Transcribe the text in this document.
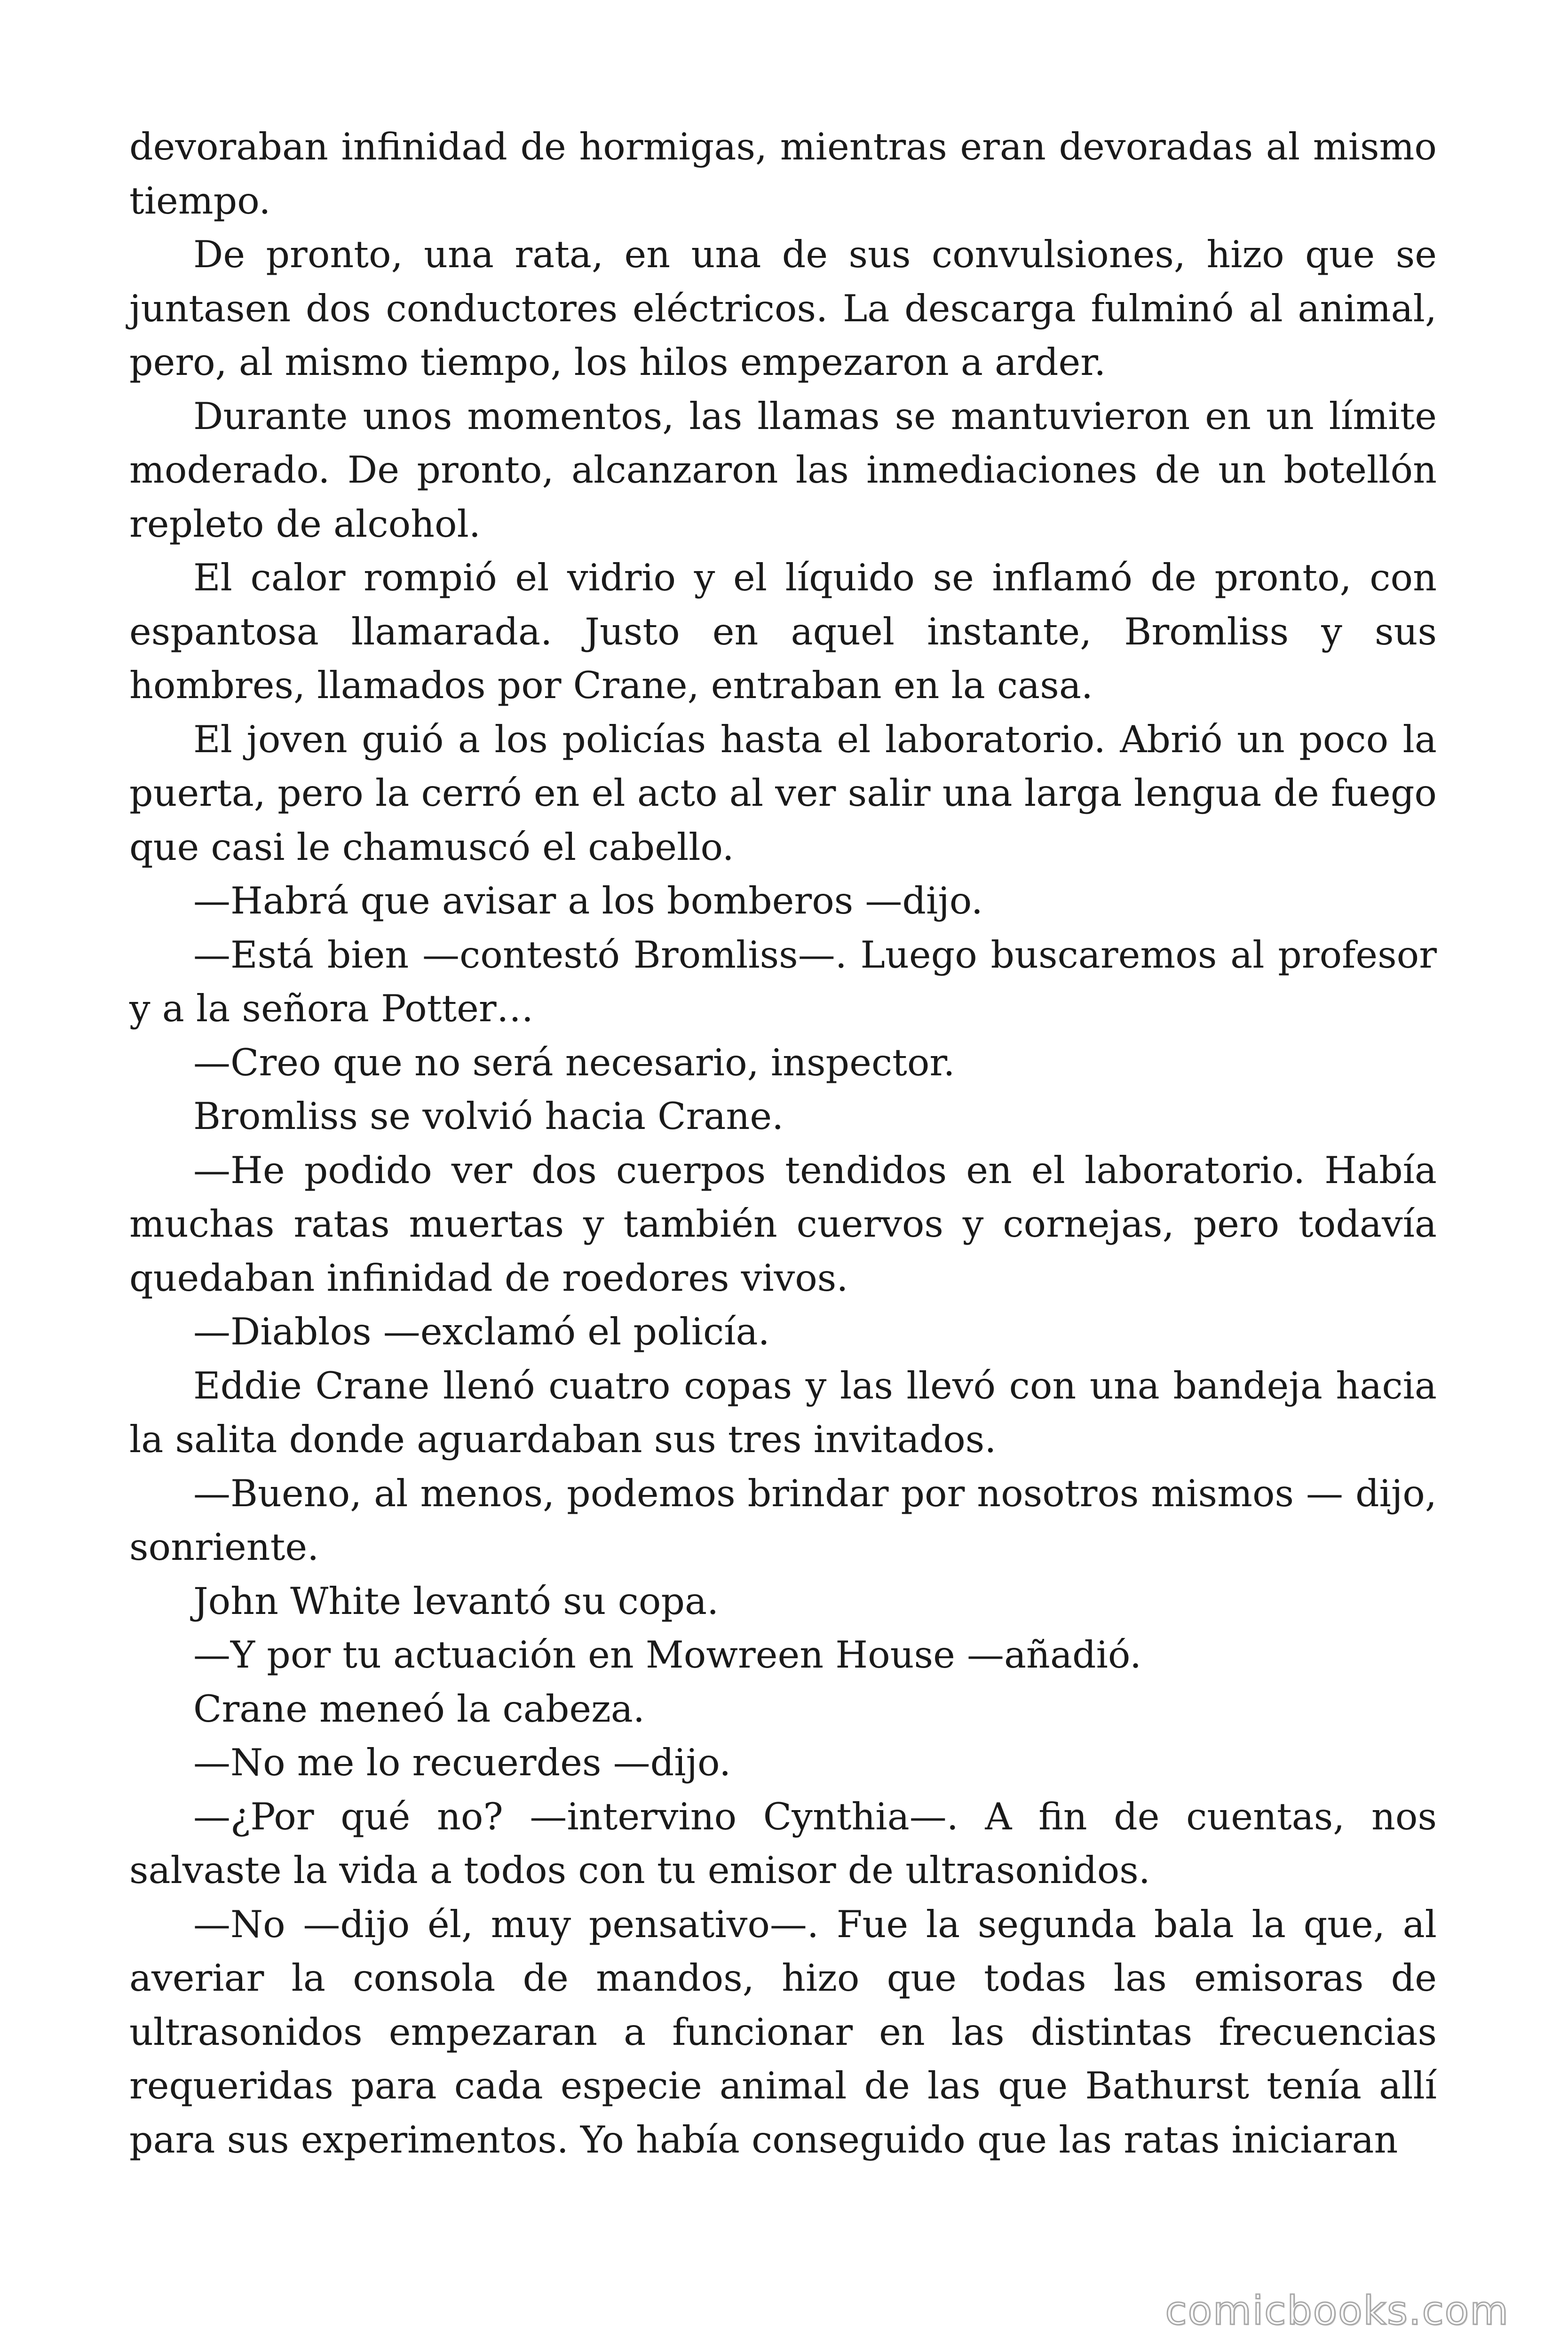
devoraban infinidad de hormigas, mientras eran devoradas al mismo tiempo.

De pronto, una rata, en una de sus convulsiones, hizo que se juntasen dos conductores eléctricos. La descarga fulminó al animal, pero, al mismo tiempo, los hilos empezaron a arder.

Durante unos momentos, las llamas se mantuvieron en un límite moderado. De pronto, alcanzaron las inmediaciones de un botellón repleto de alcohol.

El calor rompió el vidrio y el líquido se inflamó de pronto, con espantosa llamarada. Justo en aquel instante, Bromliss y sus hombres, llamados por Crane, entraban en la casa.

El joven guió a los policías hasta el laboratorio. Abrió un poco la puerta, pero la cerró en el acto al ver salir una larga lengua de fuego que casi le chamuscó el cabello.

—Habrá que avisar a los bomberos —dijo.

—Está bien —contestó Bromliss—. Luego buscaremos al profesor y a la señora Potter…

—Creo que no será necesario, inspector.

Bromliss se volvió hacia Crane.

—He podido ver dos cuerpos tendidos en el laboratorio. Había muchas ratas muertas y también cuervos y cornejas, pero todavía quedaban infinidad de roedores vivos.

—Diablos —exclamó el policía.

Eddie Crane llenó cuatro copas y las llevó con una bandeja hacia la salita donde aguardaban sus tres invitados.

—Bueno, al menos, podemos brindar por nosotros mismos — dijo, sonriente.

John White levantó su copa.

—Y por tu actuación en Mowreen House —añadió.

Crane meneó la cabeza.

—No me lo recuerdes —dijo.

—¿Por qué no? —intervino Cynthia—. A fin de cuentas, nos salvaste la vida a todos con tu emisor de ultrasonidos.

—No —dijo él, muy pensativo—. Fue la segunda bala la que, al averiar la consola de mandos, hizo que todas las emisoras de ultrasonidos empezaran a funcionar en las distintas frecuencias requeridas para cada especie animal de las que Bathurst tenía allí para sus experimentos. Yo había conseguido que las ratas iniciaran

comicbooks.com
